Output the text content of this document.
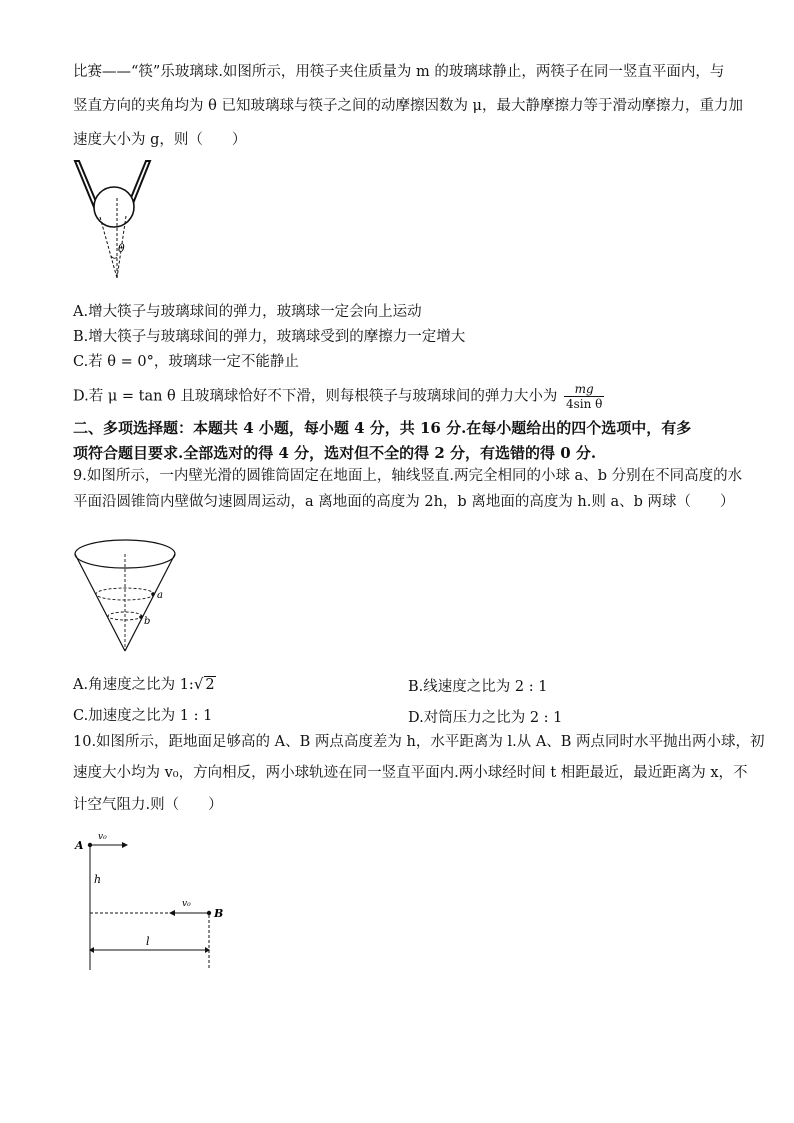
比赛——“筷”乐玻璃球.如图所示，用筷子夹住质量为 m 的玻璃球静止，两筷子在同一竖直平面内，与
竖直方向的夹角均为 θ 已知玻璃球与筷子之间的动摩擦因数为 μ，最大静摩擦力等于滑动摩擦力，重力加
速度大小为 g，则（　　）
θ
A.增大筷子与玻璃球间的弹力，玻璃球一定会向上运动
B.增大筷子与玻璃球间的弹力，玻璃球受到的摩擦力一定增大
C.若 θ = 0°，玻璃球一定不能静止
D.若 μ = tan θ 且玻璃球恰好不下滑，则每根筷子与玻璃球间的弹力大小为 $\frac{mg}{\text{4sin θ}}$
二、多项选择题：本题共 4 小题，每小题 4 分，共 16 分.在每小题给出的四个选项中，有多
项符合题目要求.全部选对的得 4 分，选对但不全的得 2 分，有选错的得 0 分.
9.如图所示，一内壁光滑的圆锥筒固定在地面上，轴线竖直.两完全相同的小球 a、b 分别在不同高度的水
平面沿圆锥筒内壁做匀速圆周运动，a 离地面的高度为 2h，b 离地面的高度为 h.则 a、b 两球（　　）
a
b
A.角速度之比为 1:√ 2	B.线速度之比为 2 : 1
C.加速度之比为 1 : 1	D.对筒压力之比为 2 : 1
10.如图所示，距地面足够高的 A、B 两点高度差为 h，水平距离为 l.从 A、B 两点同时水平抛出两小球，初
速度大小均为 v₀，方向相反，两小球轨迹在同一竖直平面内.两小球经时间 t 相距最近，最近距离为 x，不
计空气阻力.则（　　）
A
v₀
h
v₀
B
l
